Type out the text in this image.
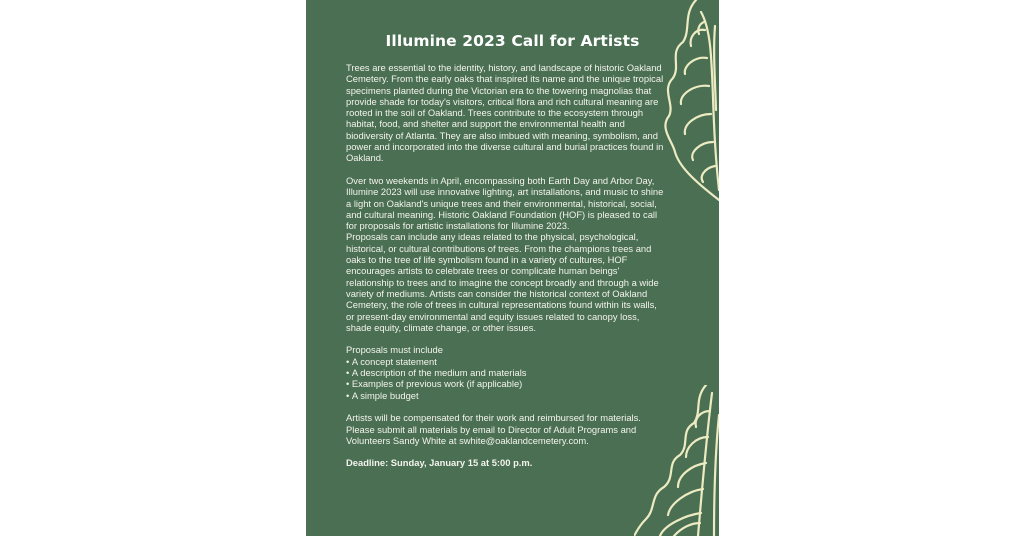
Illumine 2023 Call for Artists

Trees are essential to the identity, history, and landscape of historic Oakland Cemetery. From the early oaks that inspired its name and the unique tropical specimens planted during the Victorian era to the towering magnolias that provide shade for today's visitors, critical flora and rich cultural meaning are rooted in the soil of Oakland. Trees contribute to the ecosystem through habitat, food, and shelter and support the environmental health and biodiversity of Atlanta. They are also imbued with meaning, symbolism, and power and incorporated into the diverse cultural and burial practices found in Oakland.

Over two weekends in April, encompassing both Earth Day and Arbor Day, Illumine 2023 will use innovative lighting, art installations, and music to shine a light on Oakland's unique trees and their environmental, historical, social, and cultural meaning. Historic Oakland Foundation (HOF) is pleased to call for proposals for artistic installations for Illumine 2023.

Proposals can include any ideas related to the physical, psychological, historical, or cultural contributions of trees. From the champions trees and oaks to the tree of life symbolism found in a variety of cultures, HOF encourages artists to celebrate trees or complicate human beings' relationship to trees and to imagine the concept broadly and through a wide variety of mediums. Artists can consider the historical context of Oakland Cemetery, the role of trees in cultural representations found within its walls, or present-day environmental and equity issues related to canopy loss, shade equity, climate change, or other issues.

Proposals must include

• A concept statement
• A description of the medium and materials
• Examples of previous work (if applicable)
• A simple budget

Artists will be compensated for their work and reimbursed for materials. Please submit all materials by email to Director of Adult Programs and Volunteers Sandy White at swhite@oaklandcemetery.com.

Deadline: Sunday, January 15 at 5:00 p.m.
